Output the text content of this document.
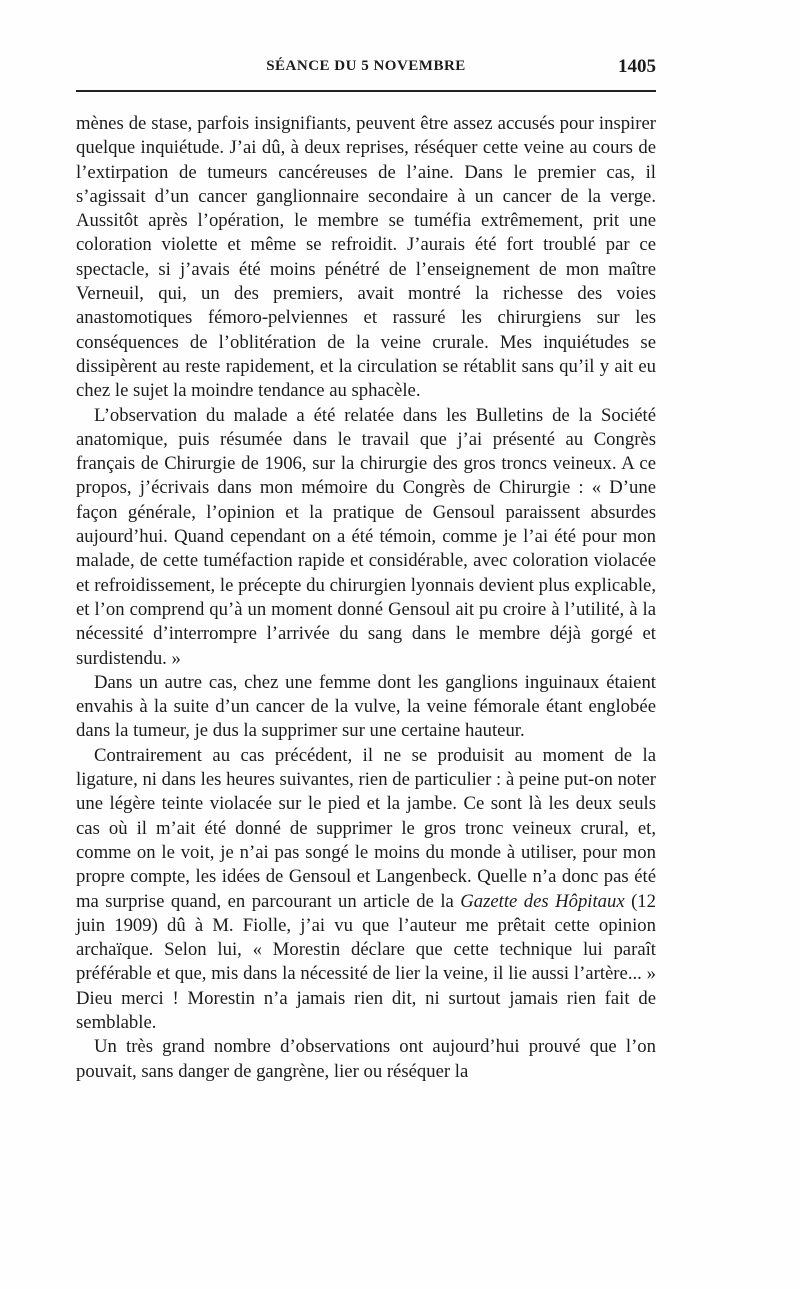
SÉANCE DU 5 NOVEMBRE	1405

mènes de stase, parfois insignifiants, peuvent être assez accusés pour inspirer quelque inquiétude. J’ai dû, à deux reprises, réséquer cette veine au cours de l’extirpation de tumeurs cancéreuses de l’aine. Dans le premier cas, il s’agissait d’un cancer ganglionnaire secondaire à un cancer de la verge. Aussitôt après l’opération, le membre se tuméfia extrêmement, prit une coloration violette et même se refroidit. J’aurais été fort troublé par ce spectacle, si j’avais été moins pénétré de l’enseignement de mon maître Verneuil, qui, un des premiers, avait montré la richesse des voies anastomotiques fémoro-pelviennes et rassuré les chirurgiens sur les conséquences de l’oblitération de la veine crurale. Mes inquiétudes se dissipèrent au reste rapidement, et la circulation se rétablit sans qu’il y ait eu chez le sujet la moindre tendance au sphacèle.

L’observation du malade a été relatée dans les Bulletins de la Société anatomique, puis résumée dans le travail que j’ai présenté au Congrès français de Chirurgie de 1906, sur la chirurgie des gros troncs veineux. A ce propos, j’écrivais dans mon mémoire du Congrès de Chirurgie : « D’une façon générale, l’opinion et la pratique de Gensoul paraissent absurdes aujourd’hui. Quand cependant on a été témoin, comme je l’ai été pour mon malade, de cette tuméfaction rapide et considérable, avec coloration violacée et refroidissement, le précepte du chirurgien lyonnais devient plus explicable, et l’on comprend qu’à un moment donné Gensoul ait pu croire à l’utilité, à la nécessité d’interrompre l’arrivée du sang dans le membre déjà gorgé et surdistendu. »

Dans un autre cas, chez une femme dont les ganglions inguinaux étaient envahis à la suite d’un cancer de la vulve, la veine fémorale étant englobée dans la tumeur, je dus la supprimer sur une certaine hauteur.

Contrairement au cas précédent, il ne se produisit au moment de la ligature, ni dans les heures suivantes, rien de particulier : à peine put-on noter une légère teinte violacée sur le pied et la jambe. Ce sont là les deux seuls cas où il m’ait été donné de supprimer le gros tronc veineux crural, et, comme on le voit, je n’ai pas songé le moins du monde à utiliser, pour mon propre compte, les idées de Gensoul et Langenbeck. Quelle n’a donc pas été ma surprise quand, en parcourant un article de la Gazette des Hôpitaux (12 juin 1909) dû à M. Fiolle, j’ai vu que l’auteur me prêtait cette opinion archaïque. Selon lui, « Morestin déclare que cette technique lui paraît préférable et que, mis dans la nécessité de lier la veine, il lie aussi l’artère... » Dieu merci ! Morestin n’a jamais rien dit, ni surtout jamais rien fait de semblable.

Un très grand nombre d’observations ont aujourd’hui prouvé que l’on pouvait, sans danger de gangrène, lier ou réséquer la
